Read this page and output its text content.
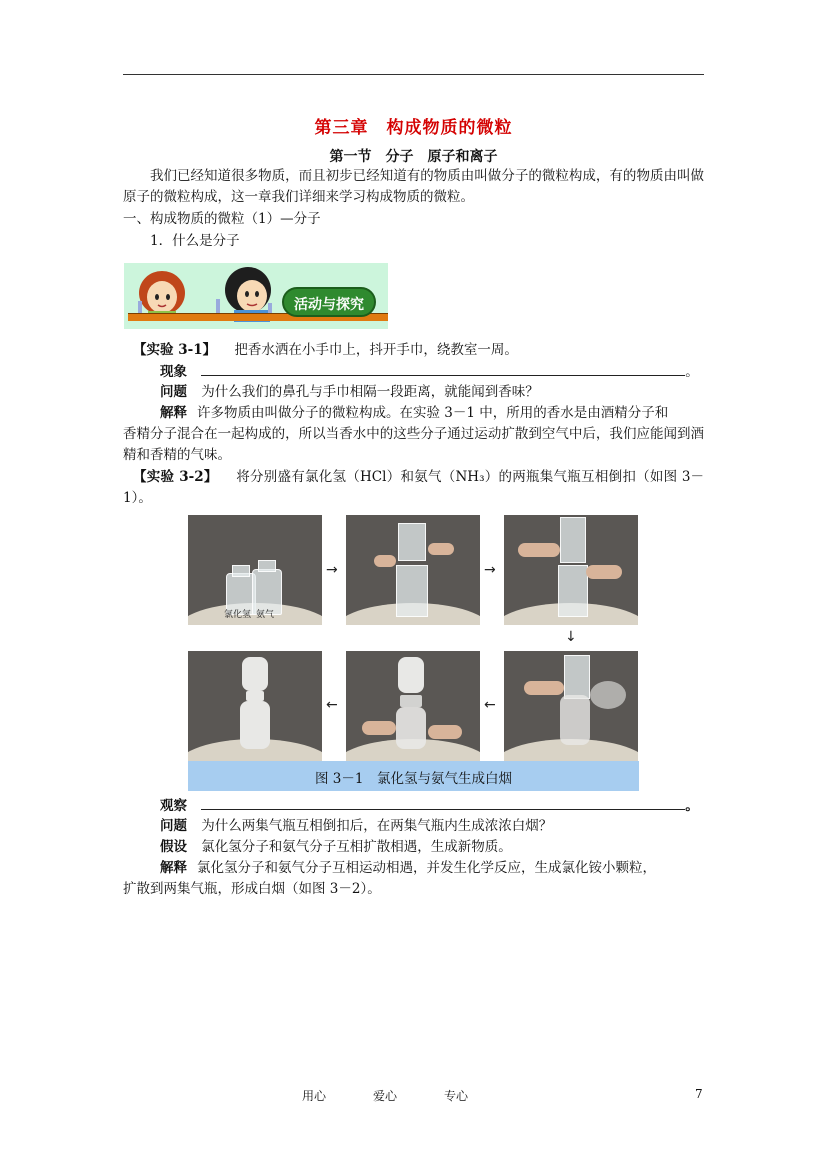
第三章　构成物质的微粒
第一节　分子　原子和离子
我们已经知道很多物质，而且初步已经知道有的物质由叫做分子的微粒构成，有的物质由叫做原子的微粒构成，这一章我们详细来学习构成物质的微粒。
一、构成物质的微粒（1）—分子
1．什么是分子
活动与探究
【实验 3-1】 把香水洒在小手巾上，抖开手巾，绕教室一周。
现象	。
问题 为什么我们的鼻孔与手巾相隔一段距离，就能闻到香味？
解释 许多物质由叫做分子的微粒构成。在实验 3－1 中，所用的香水是由酒精分子和
香精分子混合在一起构成的，所以当香水中的这些分子通过运动扩散到空气中后，我们应能闻到酒精和香精的气味。
【实验 3-2】 将分别盛有氯化氢（HCl）和氨气（NH₃）的两瓶集气瓶互相倒扣（如图 3－1）。
氯化氢 氨气
→	→
↓
←
←
图 3－1　氯化氢与氨气生成白烟
观察	。
问题 为什么两集气瓶互相倒扣后，在两集气瓶内生成浓浓白烟？
假设 氯化氢分子和氨气分子互相扩散相遇，生成新物质。
解释 氯化氢分子和氨气分子互相运动相遇，并发生化学反应，生成氯化铵小颗粒，
扩散到两集气瓶，形成白烟（如图 3－2）。
用心	爱心	专心	7
